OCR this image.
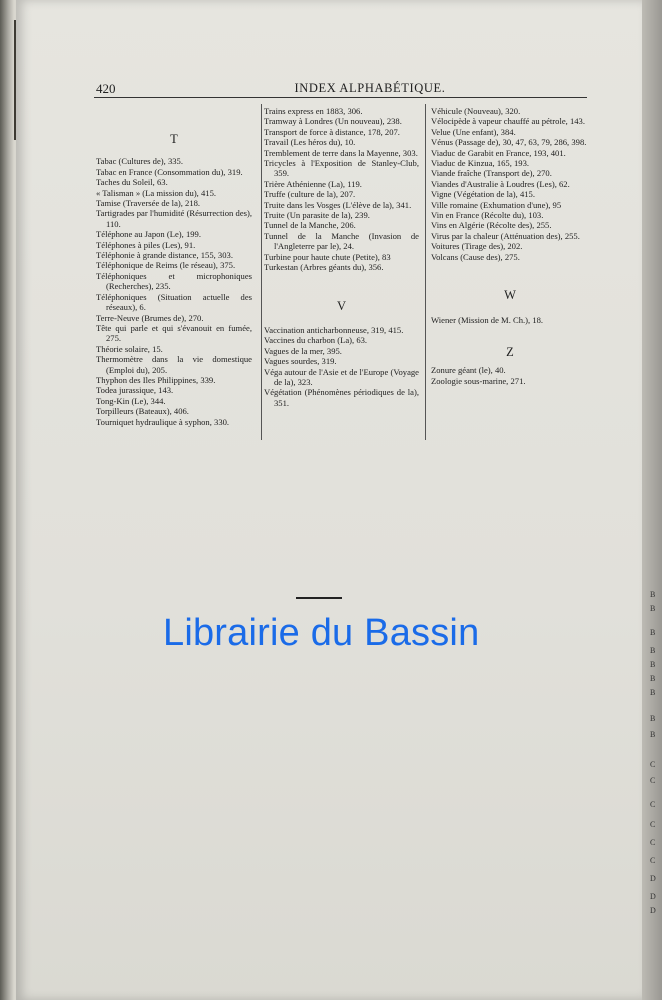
B
B
B
B
B
B
B
B
B
C
C
C
C
C
C
D
D
D
420	INDEX ALPHABÉTIQUE.

T

Tabac (Cultures de), 335.
Tabac en France (Consommation du), 319.
Taches du Soleil, 63.
« Talisman » (La mission du), 415.
Tamise (Traversée de la), 218.
Tartigrades par l'humidité (Résurrection des), 110.
Téléphone au Japon (Le), 199.
Téléphones à piles (Les), 91.
Téléphonie à grande distance, 155, 303.
Téléphonique de Reims (le réseau), 375.
Téléphoniques et microphoniques (Recherches), 235.
Téléphoniques (Situation actuelle des réseaux), 6.
Terre-Neuve (Brumes de), 270.
Tête qui parle et qui s'évanouit en fumée, 275.
Théorie solaire, 15.
Thermomètre dans la vie domestique (Emploi du), 205.
Thyphon des Iles Philippines, 339.
Todea jurassique, 143.
Tong-Kin (Le), 344.
Torpilleurs (Bateaux), 406.
Tourniquet hydraulique à syphon, 330.
Trains express en 1883, 306.
Tramway à Londres (Un nouveau), 238.
Transport de force à distance, 178, 207.
Travail (Les héros du), 10.
Tremblement de terre dans la Mayenne, 303.
Tricycles à l'Exposition de Stanley-Club, 359.
Trière Athénienne (La), 119.
Truffe (culture de la), 207.
Truite dans les Vosges (L'élève de la), 341.
Truite (Un parasite de la), 239.
Tunnel de la Manche, 206.
Tunnel de la Manche (Invasion de l'Angleterre par le), 24.
Turbine pour haute chute (Petite), 83
Turkestan (Arbres géants du), 356.

V

Vaccination anticharbonneuse, 319, 415.
Vaccines du charbon (La), 63.
Vagues de la mer, 395.
Vagues sourdes, 319.
Véga autour de l'Asie et de l'Europe (Voyage de la), 323.
Végétation (Phénomènes périodiques de la), 351.
Véhicule (Nouveau), 320.
Vélocipède à vapeur chauffé au pétrole, 143.
Velue (Une enfant), 384.
Vénus (Passage de), 30, 47, 63, 79, 286, 398.
Viaduc de Garabit en France, 193, 401.
Viaduc de Kinzua, 165, 193.
Viande fraîche (Transport de), 270.
Viandes d'Australie à Loudres (Les), 62.
Vigne (Végétation de la), 415.
Ville romaine (Exhumation d'une), 95
Vin en France (Récolte du), 103.
Vins en Algérie (Récolte des), 255.
Virus par la chaleur (Atténuation des), 255.
Voitures (Tirage des), 202.
Volcans (Cause des), 275.

W

Wiener (Mission de M. Ch.), 18.

Z

Zonure géant (le), 40.
Zoologie sous-marine, 271.
Librairie du Bassin
